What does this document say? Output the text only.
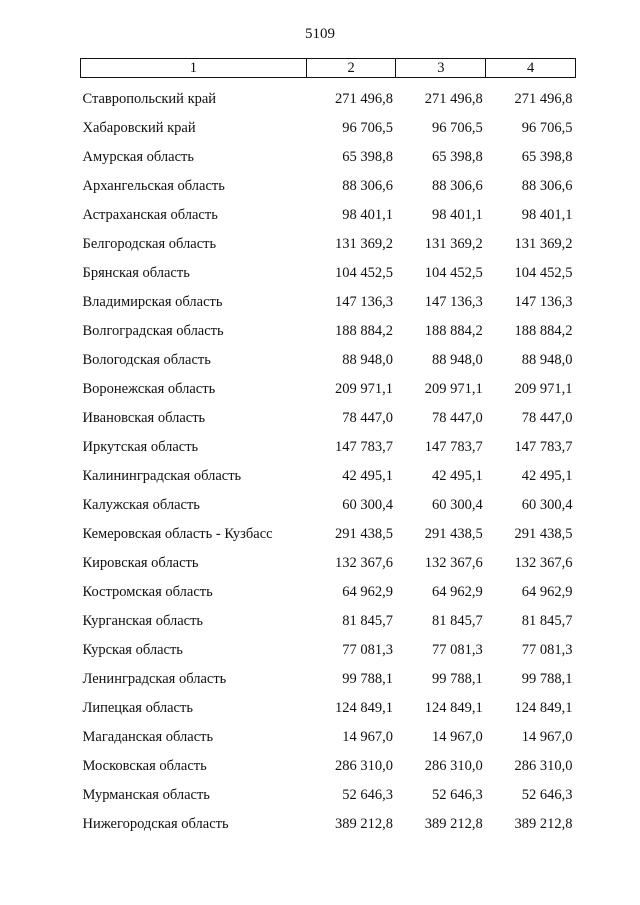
5109
1	2	3	4
Ставропольский край	271 496,8	271 496,8	271 496,8
Хабаровский край	96 706,5	96 706,5	96 706,5
Амурская область	65 398,8	65 398,8	65 398,8
Архангельская область	88 306,6	88 306,6	88 306,6
Астраханская область	98 401,1	98 401,1	98 401,1
Белгородская область	131 369,2	131 369,2	131 369,2
Брянская область	104 452,5	104 452,5	104 452,5
Владимирская область	147 136,3	147 136,3	147 136,3
Волгоградская область	188 884,2	188 884,2	188 884,2
Вологодская область	88 948,0	88 948,0	88 948,0
Воронежская область	209 971,1	209 971,1	209 971,1
Ивановская область	78 447,0	78 447,0	78 447,0
Иркутская область	147 783,7	147 783,7	147 783,7
Калининградская область	42 495,1	42 495,1	42 495,1
Калужская область	60 300,4	60 300,4	60 300,4
Кемеровская область - Кузбасс	291 438,5	291 438,5	291 438,5
Кировская область	132 367,6	132 367,6	132 367,6
Костромская область	64 962,9	64 962,9	64 962,9
Курганская область	81 845,7	81 845,7	81 845,7
Курская область	77 081,3	77 081,3	77 081,3
Ленинградская область	99 788,1	99 788,1	99 788,1
Липецкая область	124 849,1	124 849,1	124 849,1
Магаданская область	14 967,0	14 967,0	14 967,0
Московская область	286 310,0	286 310,0	286 310,0
Мурманская область	52 646,3	52 646,3	52 646,3
Нижегородская область	389 212,8	389 212,8	389 212,8
